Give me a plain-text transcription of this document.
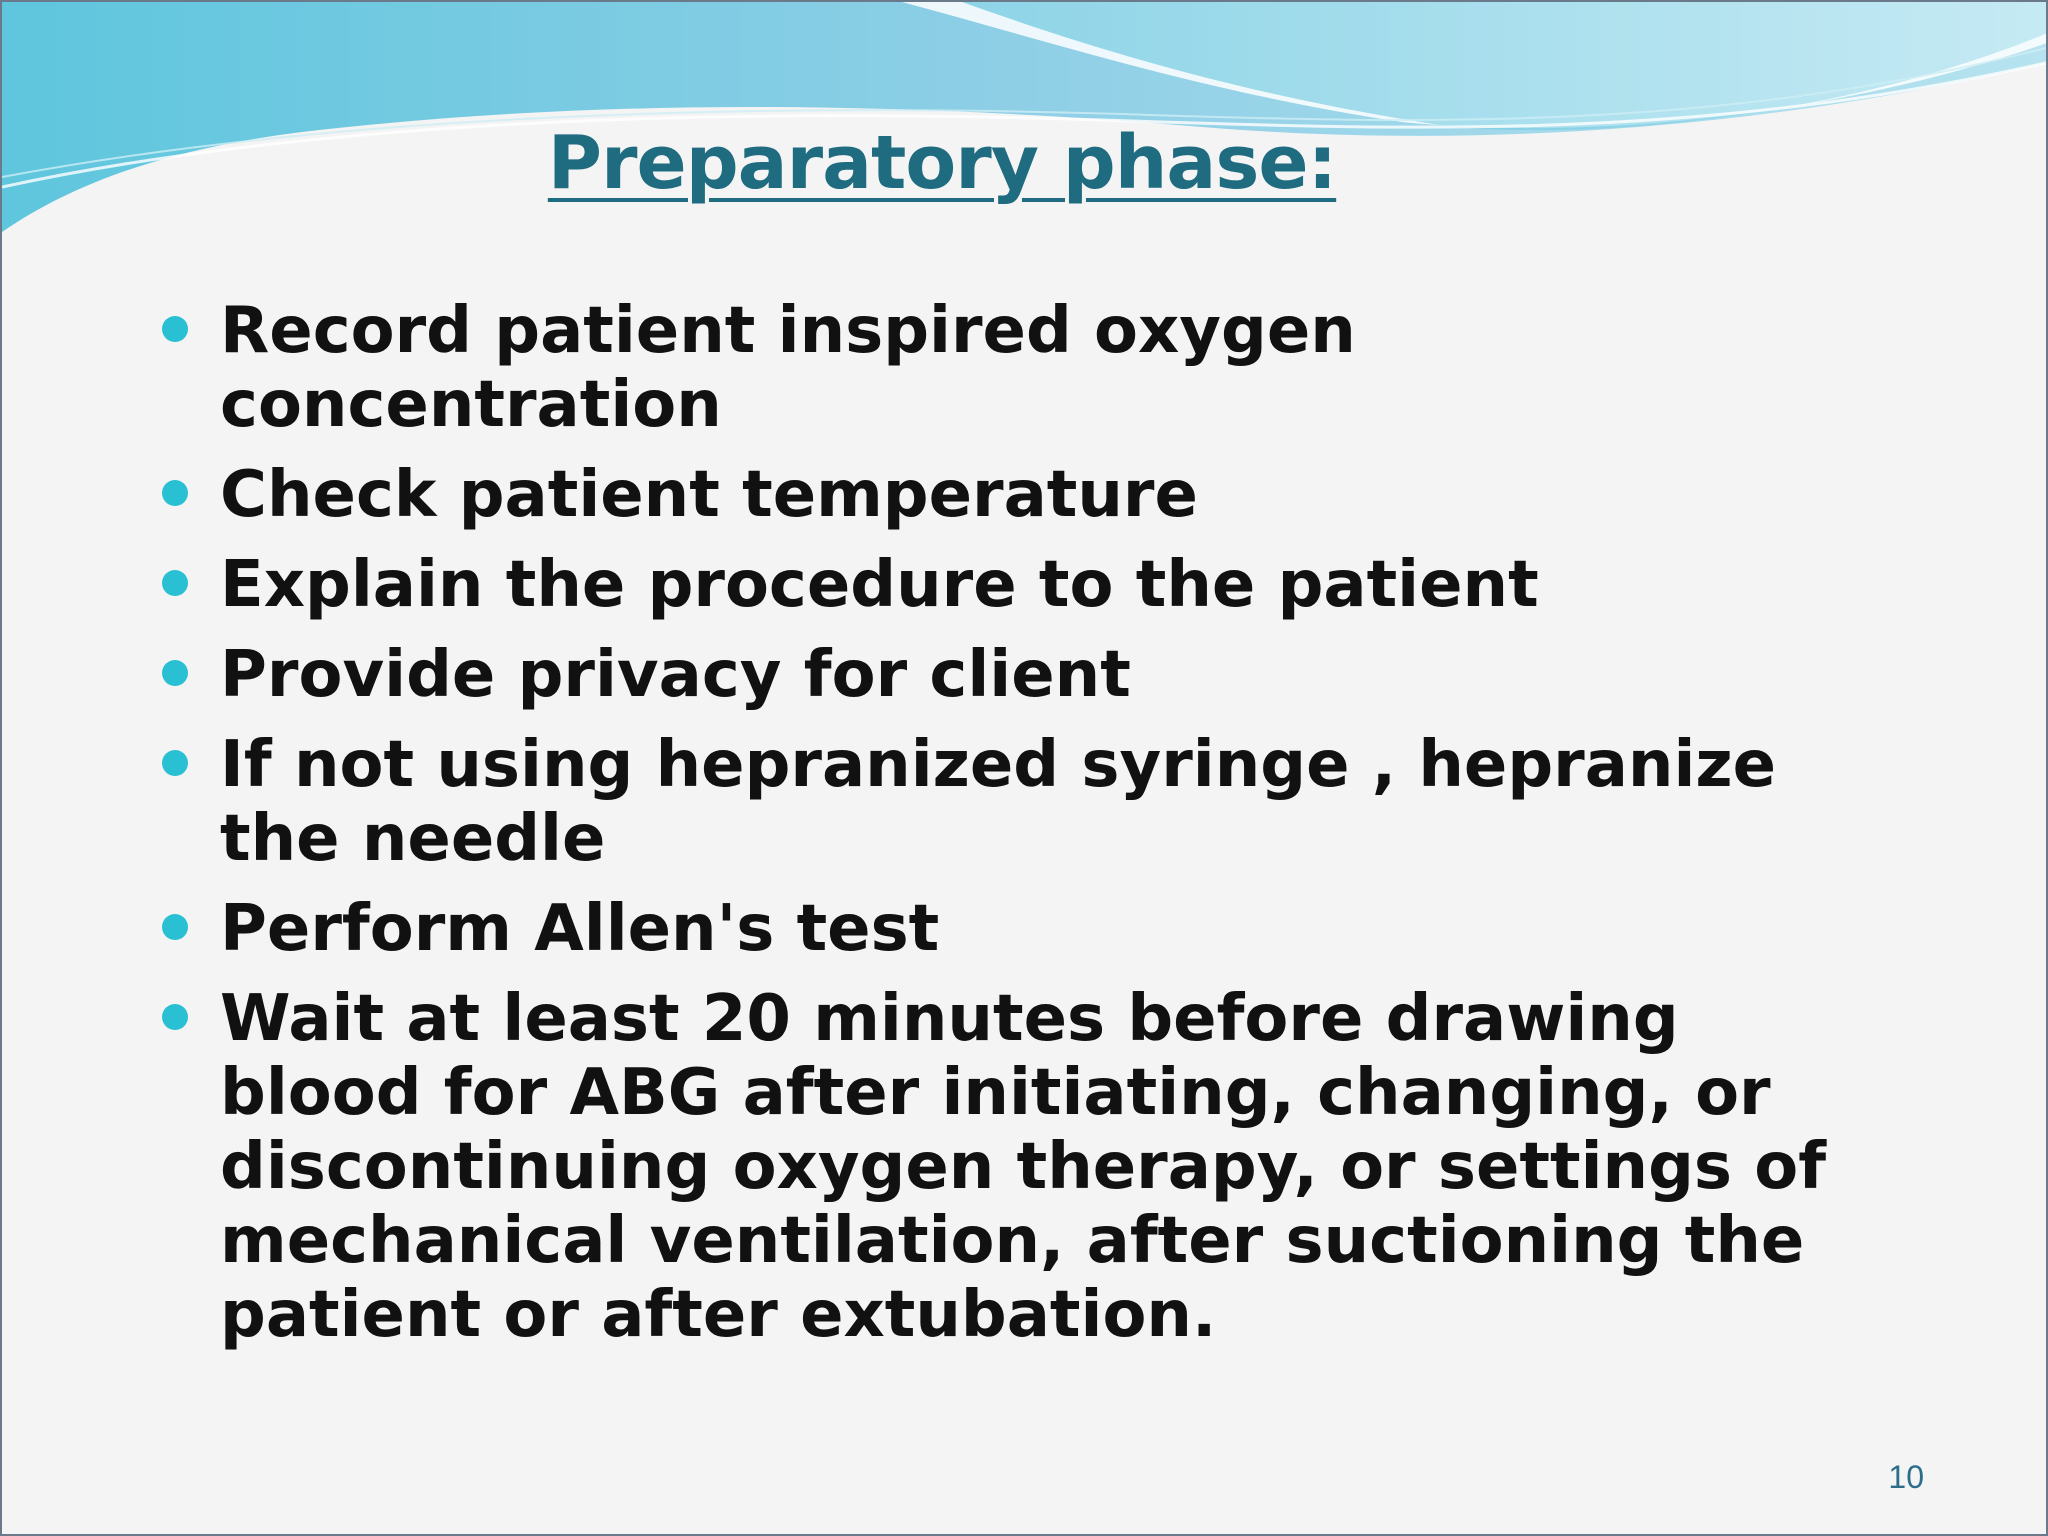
Preparatory phase:
Record patient inspired oxygen concentration
Check patient temperature
Explain the procedure to the patient
Provide privacy for client
If not using hepranized syringe , hepranize the needle
Perform Allen's test
Wait at least 20 minutes before drawing blood for ABG after initiating, changing, or discontinuing oxygen therapy, or settings of mechanical ventilation, after suctioning the patient or after extubation.
10
